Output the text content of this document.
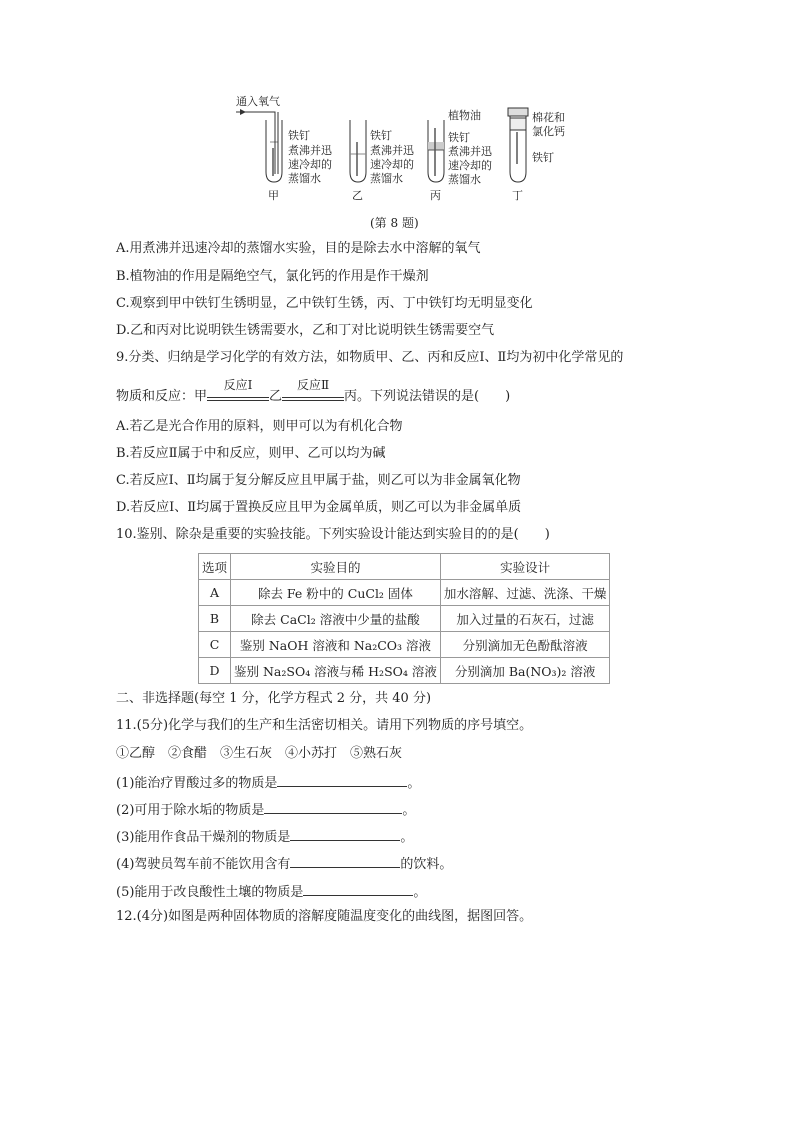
通入氧气
铁钉
煮沸并迅
速冷却的
蒸馏水
铁钉
煮沸并迅
速冷却的
蒸馏水
植物油
铁钉
煮沸并迅
速冷却的
蒸馏水
棉花和
氯化钙
铁钉
甲	乙	丙	丁
(第 8 题)
A.用煮沸并迅速冷却的蒸馏水实验，目的是除去水中溶解的氧气
B.植物油的作用是隔绝空气，氯化钙的作用是作干燥剂
C.观察到甲中铁钉生锈明显，乙中铁钉生锈，丙、丁中铁钉均无明显变化
D.乙和丙对比说明铁生锈需要水，乙和丁对比说明铁生锈需要空气
9.分类、归纳是学习化学的有效方法，如物质甲、乙、丙和反应Ⅰ、Ⅱ均为初中化学常见的
物质和反应：甲
反应Ⅰ
乙
反应Ⅱ
丙。下列说法错误的是(　　)
A.若乙是光合作用的原料，则甲可以为有机化合物
B.若反应Ⅱ属于中和反应，则甲、乙可以均为碱
C.若反应Ⅰ、Ⅱ均属于复分解反应且甲属于盐，则乙可以为非金属氧化物
D.若反应Ⅰ、Ⅱ均属于置换反应且甲为金属单质，则乙可以为非金属单质
10.鉴别、除杂是重要的实验技能。下列实验设计能达到实验目的的是(　　)
选项	实验目的	实验设计
A	除去 Fe 粉中的 CuCl₂ 固体	加水溶解、过滤、洗涤、干燥
B	除去 CaCl₂ 溶液中少量的盐酸	加入过量的石灰石，过滤
C	鉴别 NaOH 溶液和 Na₂CO₃ 溶液	分别滴加无色酚酞溶液
D	鉴别 Na₂SO₄ 溶液与稀 H₂SO₄ 溶液	分别滴加 Ba(NO₃)₂ 溶液
二、非选择题(每空 1 分，化学方程式 2 分，共 40 分)
11.(5分)化学与我们的生产和生活密切相关。请用下列物质的序号填空。
①乙醇　②食醋　③生石灰　④小苏打　⑤熟石灰
(1)能治疗胃酸过多的物质是	。
(2)可用于除水垢的物质是	。
(3)能用作食品干燥剂的物质是	。
(4)驾驶员驾车前不能饮用含有	的饮料。
(5)能用于改良酸性土壤的物质是	。
12.(4分)如图是两种固体物质的溶解度随温度变化的曲线图，据图回答。
